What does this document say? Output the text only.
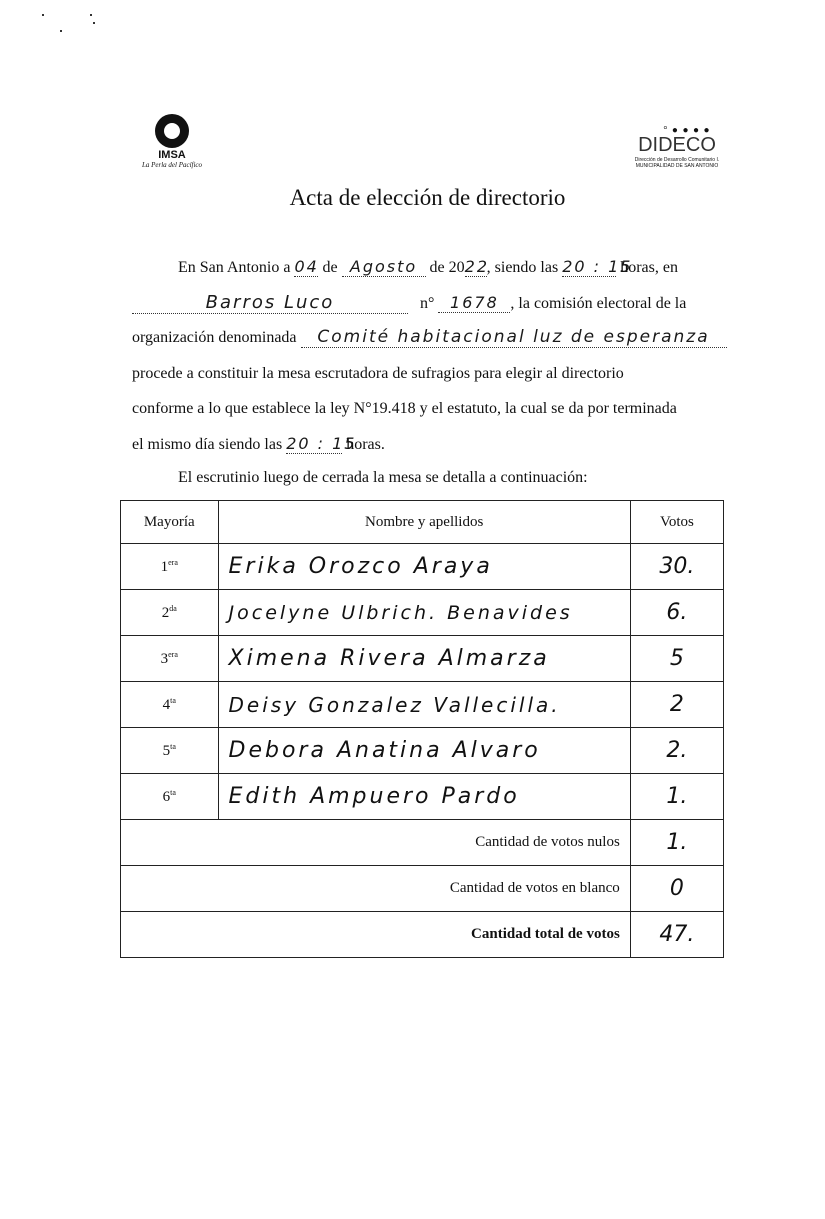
IMSA
La Perla del Pacífico
° ● ● ● ●
DIDECO
Dirección de Desarrollo Comunitario I. MUNICIPALIDAD DE SAN ANTONIO
Acta de elección de directorio
En San Antonio a 04 de Agosto de 2022, siendo las 20 : 15 horas, en
Barros Luco	n° 1678 , la comisión electoral de la
organización denominada Comité habitacional luz de esperanza
procede a constituir la mesa escrutadora de sufragios para elegir al directorio
conforme a lo que establece la ley N°19.418 y el estatuto, la cual se da por terminada
el mismo día siendo las 20 : 15 horas.
El escrutinio luego de cerrada la mesa se detalla a continuación:
Mayoría	Nombre y apellidos	Votos
$1^{era}$	Erika Orozco Araya	30.
$2^{da}$	Jocelyne Ulbrich. Benavides	6.
$3^{era}$	Ximena Rivera Almarza	5
$4^{ta}$	Deisy Gonzalez Vallecilla.	2
$5^{ta}$	Debora Anatina Alvaro	2.
$6^{ta}$	Edith Ampuero Pardo	1.
Cantidad de votos nulos		1.
Cantidad de votos en blanco		0
Cantidad total de votos		47.
